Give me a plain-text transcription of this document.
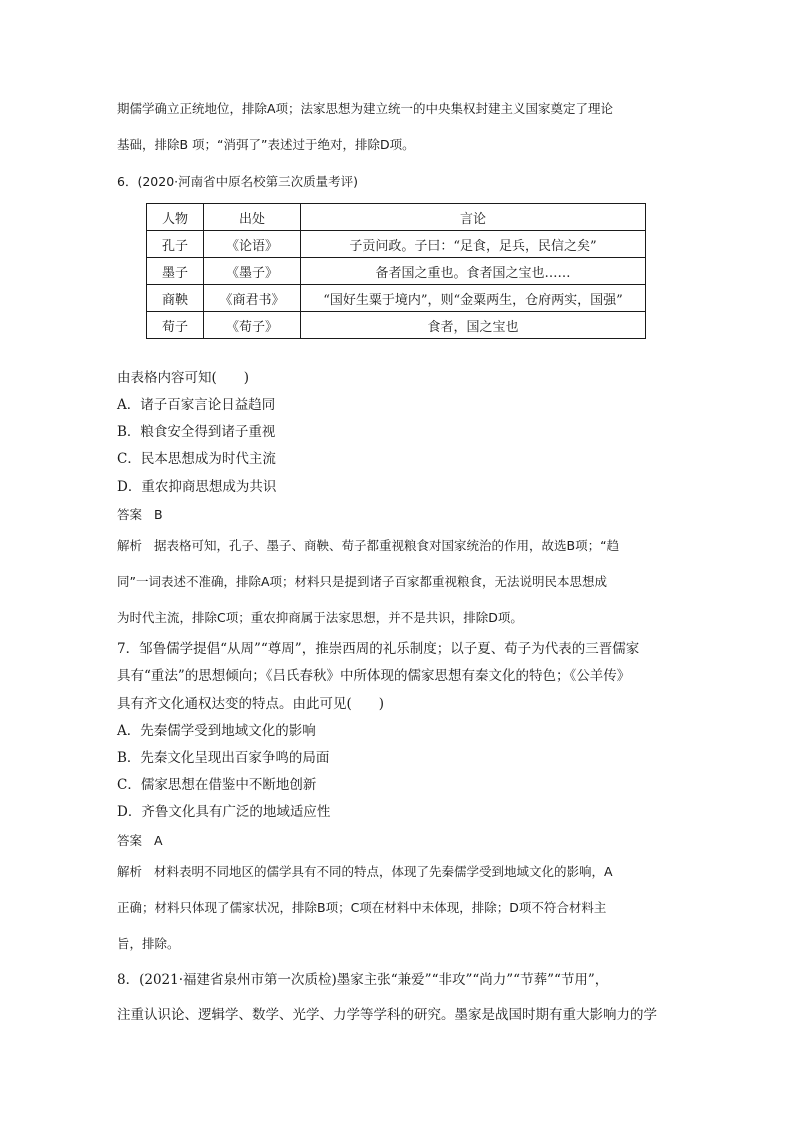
期儒学确立正统地位，排除A项；法家思想为建立统一的中央集权封建主义国家奠定了理论
基础，排除B 项；“消弭了”表述过于绝对，排除D项。
6．(2020·河南省中原名校第三次质量考评)
人物	出处	言论
孔子	《论语》	子贡问政。子曰：“足食，足兵，民信之矣”
墨子	《墨子》	备者国之重也。食者国之宝也……
商鞅	《商君书》	“国好生粟于境内”，则“金粟两生，仓府两实，国强”
荀子	《荀子》	食者，国之宝也
由表格内容可知(　　)
A．诸子百家言论日益趋同
B．粮食安全得到诸子重视
C．民本思想成为时代主流
D．重农抑商思想成为共识
答案 B
解析 据表格可知，孔子、墨子、商鞅、荀子都重视粮食对国家统治的作用，故选B项；“趋
同”一词表述不准确，排除A项；材料只是提到诸子百家都重视粮食，无法说明民本思想成
为时代主流，排除C项；重农抑商属于法家思想，并不是共识，排除D项。
7．邹鲁儒学提倡“从周”“尊周”，推崇西周的礼乐制度；以子夏、荀子为代表的三晋儒家
具有“重法”的思想倾向；《吕氏春秋》中所体现的儒家思想有秦文化的特色；《公羊传》
具有齐文化通权达变的特点。由此可见(　　)
A．先秦儒学受到地域文化的影响
B．先秦文化呈现出百家争鸣的局面
C．儒家思想在借鉴中不断地创新
D．齐鲁文化具有广泛的地域适应性
答案 A
解析 材料表明不同地区的儒学具有不同的特点，体现了先秦儒学受到地域文化的影响，A
正确；材料只体现了儒家状况，排除B项；C项在材料中未体现，排除；D项不符合材料主
旨，排除。
8．(2021·福建省泉州市第一次质检)墨家主张“兼爱”“非攻”“尚力”“节葬”“节用”，
注重认识论、逻辑学、数学、光学、力学等学科的研究。墨家是战国时期有重大影响力的学
